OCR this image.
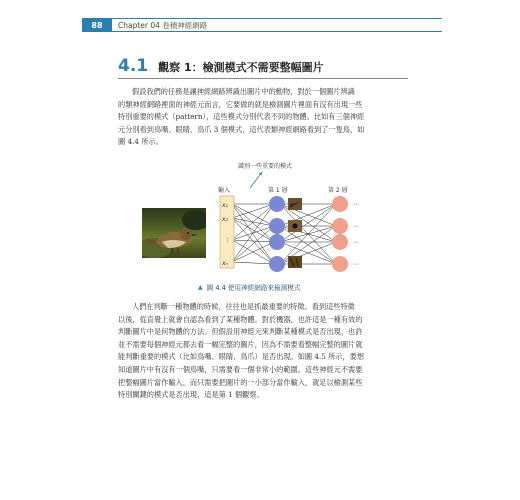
88	Chapter 04 卷積神經網路
4.1 觀察 1：檢測模式不需要整幅圖片
假設我們的任務是讓神經網路辨識出圖片中的動物，對於一個圖片辨識
的類神經網路裡面的神經元而言，它要做的就是檢測圖片裡面有沒有出現一些
特別重要的模式（pattern），這些模式分別代表不同的物體。比如有三個神經
元分別看到鳥嘴、眼睛、鳥爪 3 個模式，這代表類神經網路看到了一隻鳥，如
圖 4.4 所示。
識別一些重要的模式
輸入	第 1 層	第 2 層
x₁
x₂
⋮
xₙ
⋯
⋯
⋯
⋯
▲ 圖 4.4 使用神經網路來檢測模式
人們在判斷一種物體的時候，往往也是抓最重要的特徵。看到這些特徵
以後，從直覺上就會自認為看到了某種物體。對於機器，也許這是一種有效的
判斷圖片中是何物體的方法。但假設用神經元來判斷某種模式是否出現，也許
並不需要每個神經元都去看一幅完整的圖片，因為不需要看整幅完整的圖片就
能判斷重要的模式（比如鳥嘴、眼睛、鳥爪）是否出現。如圖 4.5 所示，要想
知道圖片中有沒有一個鳥嘴，只需要看一個非常小的範圍。這些神經元不需要
把整幅圖片當作輸入，而只需要把圖片的一小部分當作輸入，就足以檢測某些
特別關鍵的模式是否出現，這是第 1 個觀察。
